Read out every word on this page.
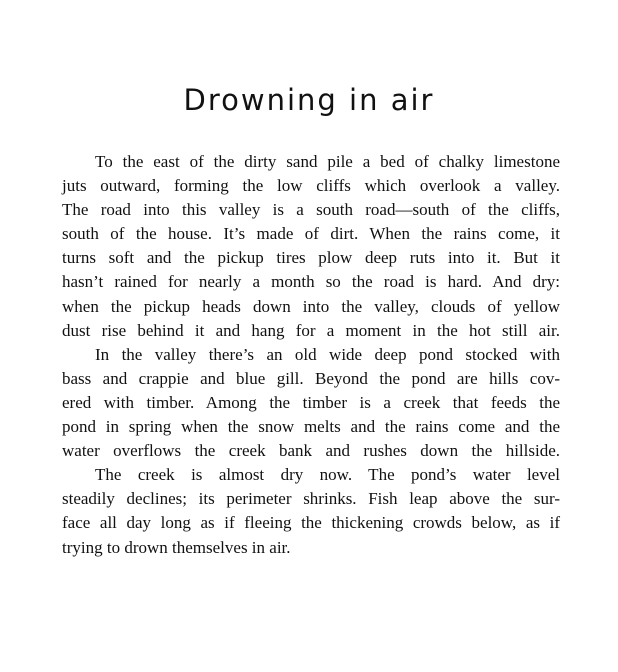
Drowning in air
To the east of the dirty sand pile a bed of chalky limestone
juts outward, forming the low cliffs which overlook a valley.
The road into this valley is a south road—south of the cliffs,
south of the house. It’s made of dirt. When the rains come, it
turns soft and the pickup tires plow deep ruts into it. But it
hasn’t rained for nearly a month so the road is hard. And dry:
when the pickup heads down into the valley, clouds of yellow
dust rise behind it and hang for a moment in the hot still air.
In the valley there’s an old wide deep pond stocked with
bass and crappie and blue gill. Beyond the pond are hills cov-
ered with timber. Among the timber is a creek that feeds the
pond in spring when the snow melts and the rains come and the
water overflows the creek bank and rushes down the hillside.
The creek is almost dry now. The pond’s water level
steadily declines; its perimeter shrinks. Fish leap above the sur-
face all day long as if fleeing the thickening crowds below, as if
trying to drown themselves in air.
